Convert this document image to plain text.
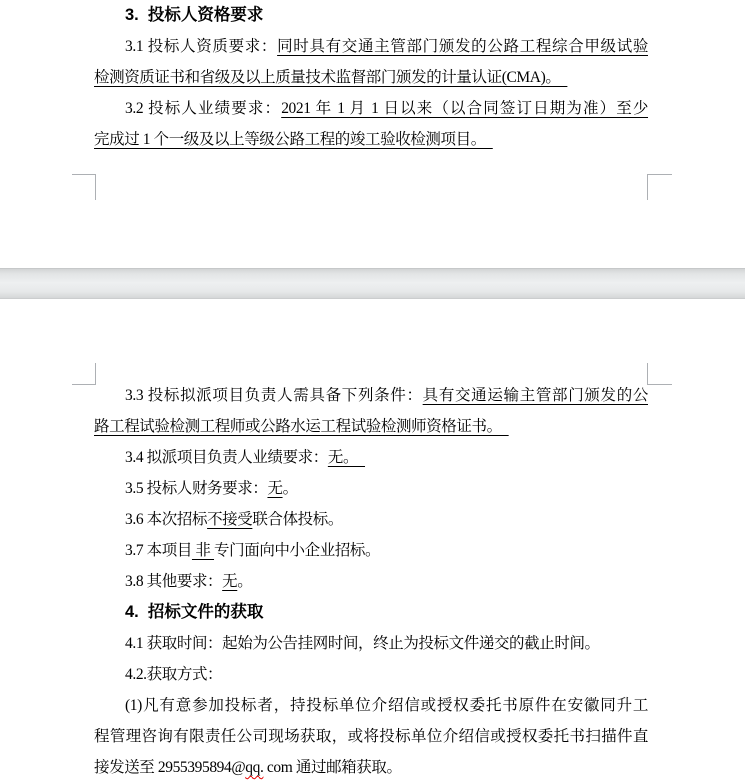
3.  投标人资格要求
3.1 投标人资质要求：同时具有交通主管部门颁发的公路工程综合甲级试验
检测资质证书和省级及以上质量技术监督部门颁发的计量认证(CMA)。
3.2 投标人业绩要求：2021 年 1 月 1 日以来（以合同签订日期为准）至少
完成过 1 个一级及以上等级公路工程的竣工验收检测项目。
3.3 投标拟派项目负责人需具备下列条件：具有交通运输主管部门颁发的公
路工程试验检测工程师或公路水运工程试验检测师资格证书。
3.4 拟派项目负责人业绩要求：无。
3.5 投标人财务要求：无。
3.6 本次招标不接受联合体投标。
3.7 本项目 非 专门面向中小企业招标。
3.8 其他要求：无。
4.  招标文件的获取
4.1 获取时间：起始为公告挂网时间，终止为投标文件递交的截止时间。
4.2.获取方式：
(1)凡有意参加投标者，持投标单位介绍信或授权委托书原件在安徽同升工
程管理咨询有限责任公司现场获取，或将投标单位介绍信或授权委托书扫描件直
接发送至 2955395894@qq. com 通过邮箱获取。
